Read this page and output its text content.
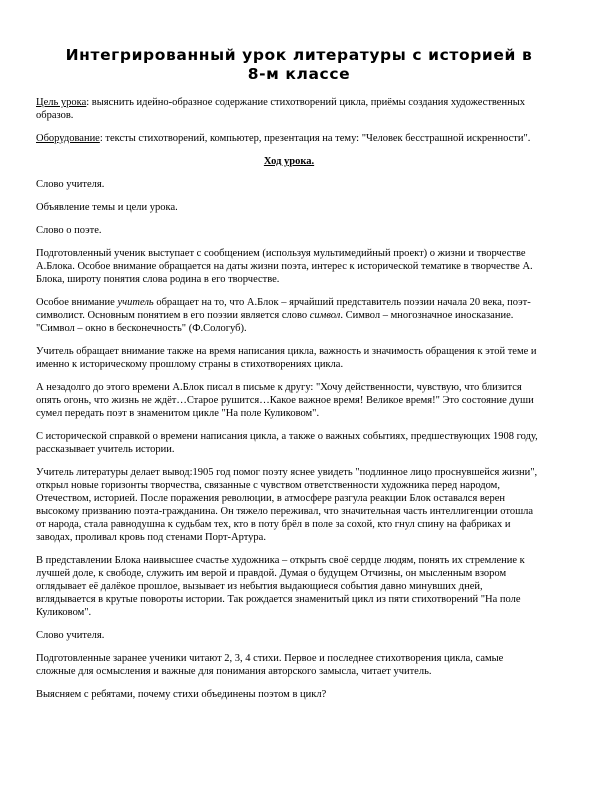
Интегрированный урок литературы с историей в 8-м классе

Цель урока: выяснить идейно-образное содержание стихотворений цикла, приёмы создания художественных образов.

Оборудование: тексты стихотворений, компьютер, презентация на тему: "Человек бесстрашной искренности".

Ход урока.

Слово учителя.

Объявление темы и цели урока.

Слово о поэте.

Подготовленный ученик выступает с сообщением (используя мультимедийный проект) о жизни и творчестве А.Блока. Особое внимание обращается на даты жизни поэта, интерес к исторической тематике в творчестве А. Блока, широту понятия слова родина в его творчестве.

Особое внимание учитель обращает на то, что А.Блок – ярчайший представитель поэзии начала 20 века, поэт-символист. Основным понятием в его поэзии является слово символ. Символ – многозначное иносказание. "Символ – окно в бесконечность" (Ф.Сологуб).

Учитель обращает внимание также на время написания цикла, важность и значимость обращения к этой теме и именно к историческому прошлому страны в стихотворениях цикла.

А незадолго до этого времени А.Блок писал в письме к другу: "Хочу действенности, чувствую, что близится опять огонь, что жизнь не ждёт…Старое рушится…Какое важное время! Великое время!" Это состояние души сумел передать поэт в знаменитом цикле "На поле Куликовом".

С исторической справкой о времени написания цикла, а также о важных событиях, предшествующих 1908 году, рассказывает учитель истории.

Учитель литературы делает вывод:1905 год помог поэту яснее увидеть "подлинное лицо проснувшейся жизни", открыл новые горизонты творчества, связанные с чувством ответственности художника перед народом, Отечеством, историей. После поражения революции, в атмосфере разгула реакции Блок оставался верен высокому призванию поэта-гражданина. Он тяжело переживал, что значительная часть интеллигенции отошла от народа, стала равнодушна к судьбам тех, кто в поту брёл в поле за сохой, кто гнул спину на фабриках и заводах, проливал кровь под стенами Порт-Артура.

В представлении Блока наивысшее счастье художника – открыть своё сердце людям, понять их стремление к лучшей доле, к свободе, служить им верой и правдой. Думая о будущем Отчизны, он мысленным взором оглядывает её далёкое прошлое, вызывает из небытия выдающиеся события давно минувших дней, вглядывается в крутые повороты истории. Так рождается знаменитый цикл из пяти стихотворений "На поле Куликовом".

Слово учителя.

Подготовленные заранее ученики читают 2, 3, 4 стихи. Первое и последнее стихотворения цикла, самые сложные для осмысления и важные для понимания авторского замысла, читает учитель.

Выясняем с ребятами, почему стихи объединены поэтом в цикл?
